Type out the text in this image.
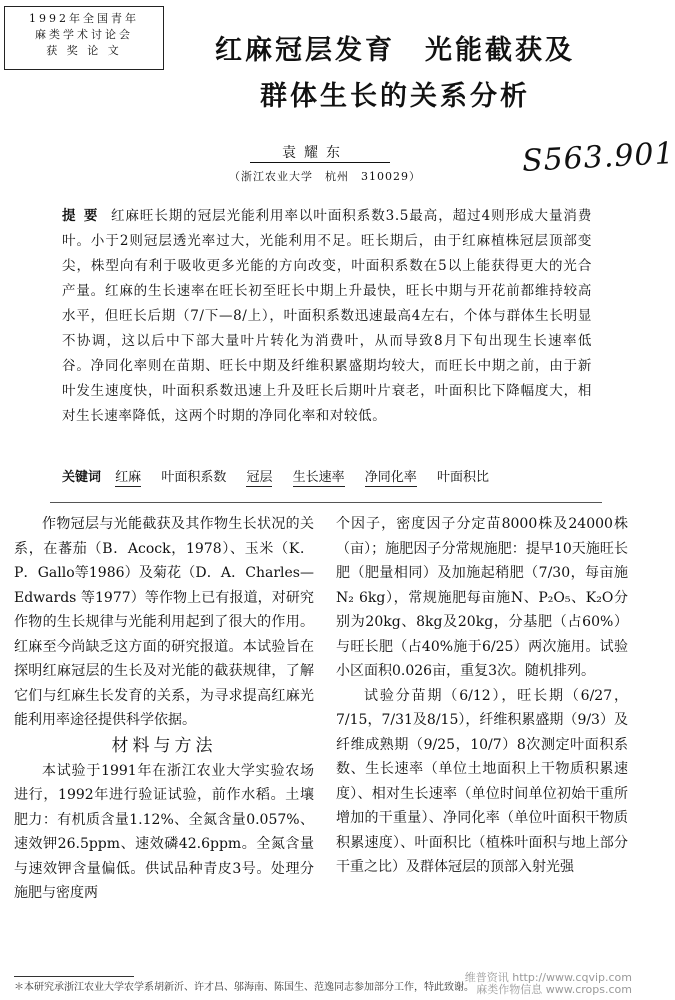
1992年全国青年
麻类学术讨论会
获 奖 论 文	红麻冠层发育　光能截获及
群体生长的关系分析
袁耀东
（浙江农业大学　杭州　310029）	S563.901
提要 红麻旺长期的冠层光能利用率以叶面积系数3.5最高，超过4则形成大量消费叶。小于2则冠层透光率过大，光能利用不足。旺长期后，由于红麻植株冠层顶部变尖，株型向有利于吸收更多光能的方向改变，叶面积系数在5以上能获得更大的光合产量。红麻的生长速率在旺长初至旺长中期上升最快，旺长中期与开花前都维持较高水平，但旺长后期（7/下—8/上），叶面积系数迅速最高4左右，个体与群体生长明显不协调，这以后中下部大量叶片转化为消费叶，从而导致8月下旬出现生长速率低谷。净同化率则在苗期、旺长中期及纤维积累盛期均较大，而旺长中期之前，由于新叶发生速度快，叶面积系数迅速上升及旺长后期叶片衰老，叶面积比下降幅度大，相对生长速率降低，这两个时期的净同化率和对较低。
关键词 红麻 叶面积系数 冠层 生长速率 净同化率 叶面积比

作物冠层与光能截获及其作物生长状况的关系，在蕃茄（B．Acock，1978）、玉米（K．P．Gallo等1986）及菊花（D．A．Charles—Edwards 等1977）等作物上已有报道，对研究作物的生长规律与光能利用起到了很大的作用。红麻至今尚缺乏这方面的研究报道。本试验旨在探明红麻冠层的生长及对光能的截获规律，了解它们与红麻生长发育的关系，为寻求提高红麻光能利用率途径提供科学依据。

材料与方法

本试验于1991年在浙江农业大学实验农场进行，1992年进行验证试验，前作水稻。土壤肥力：有机质含量1.12%、全氮含量0.057%、速效钾26.5ppm、速效磷42.6ppm。全氮含量与速效钾含量偏低。供试品种青皮3号。处理分施肥与密度两

个因子，密度因子分定苗8000株及24000株（亩）；施肥因子分常规施肥：提早10天施旺长肥（肥量相同）及加施起稍肥（7/30，每亩施N₂ 6kg），常规施肥每亩施N、P₂O₅、K₂O分别为20kg、8kg及20kg，分基肥（占60%）与旺长肥（占40%施于6/25）两次施用。试验小区面积0.026亩，重复3次。随机排列。

试验分苗期（6/12），旺长期（6/27，7/15，7/31及8/15），纤维积累盛期（9/3）及纤维成熟期（9/25，10/7）8次测定叶面积系数、生长速率（单位土地面积上干物质积累速度）、相对生长速率（单位时间单位初始干重所增加的干重量）、净同化率（单位叶面积干物质积累速度）、叶面积比（植株叶面积与地上部分干重之比）及群体冠层的顶部入射光强

＊本研究承浙江农业大学农学系胡新沂、许才昌、邬海南、陈国生、范逸同志参加部分工作，特此致谢。
维普资讯 http://www.cqvip.com
麻类作物信息 www.crops.com
